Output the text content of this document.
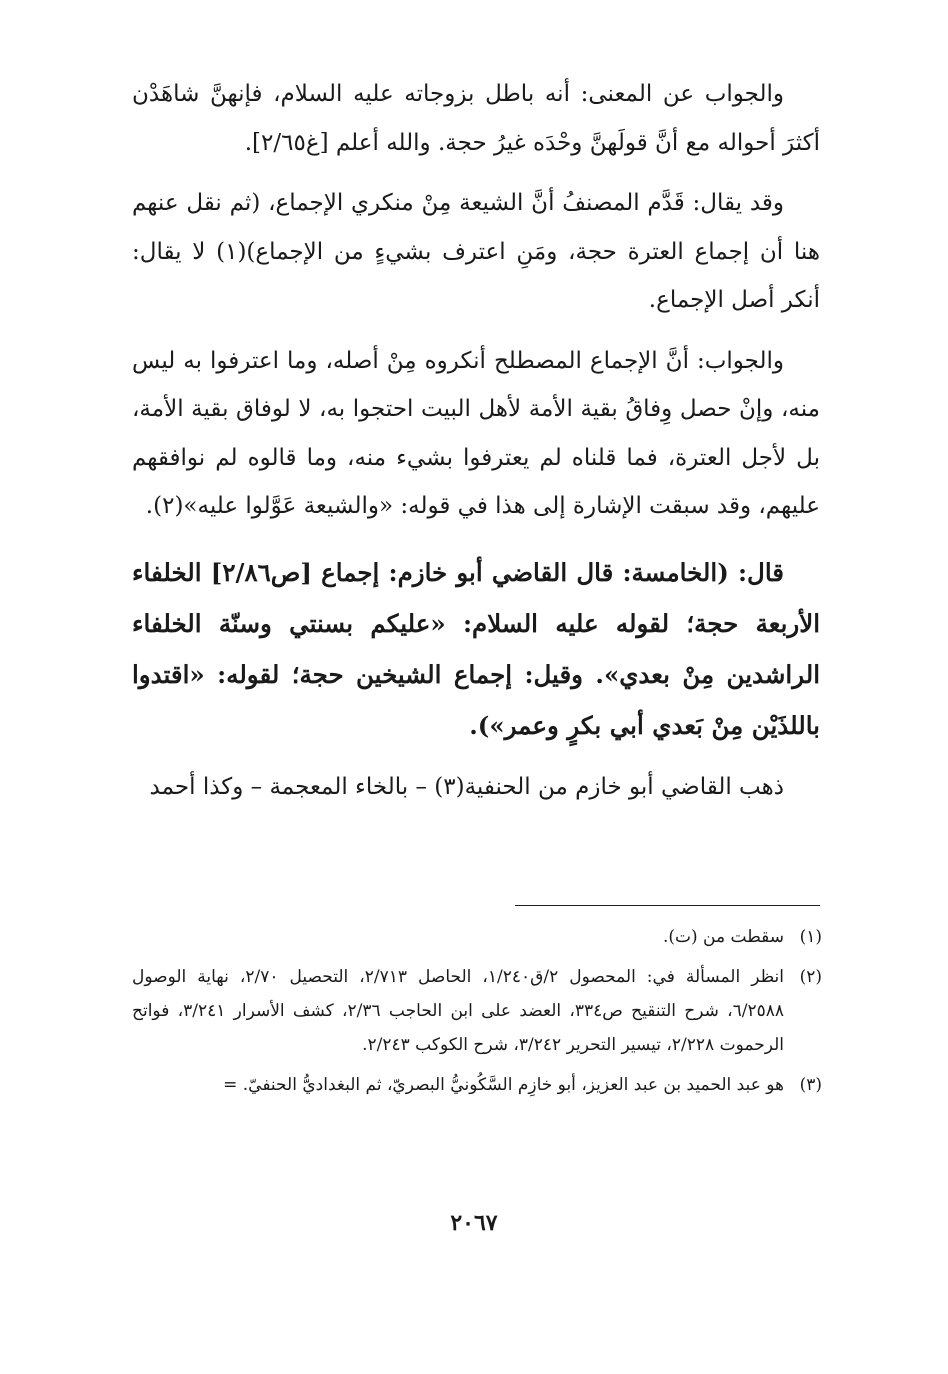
والجواب عن المعنى: أنه باطل بزوجاته عليه السلام، فإنهنَّ شاهَدْن أكثرَ أحواله مع أنَّ قولَهنَّ وحْدَه غيرُ حجة. والله أعلم [غ٢/٦٥].

وقد يقال: قَدَّم المصنفُ أنَّ الشيعة مِنْ منكري الإجماع، (ثم نقل عنهم هنا أن إجماع العترة حجة، ومَنِ اعترف بشيءٍ من الإجماع)(١) لا يقال: أنكر أصل الإجماع.

والجواب: أنَّ الإجماع المصطلح أنكروه مِنْ أصله، وما اعترفوا به ليس منه، وإنْ حصل وِفاقُ بقية الأمة لأهل البيت احتجوا به، لا لوفاق بقية الأمة، بل لأجل العترة، فما قلناه لم يعترفوا بشيء منه، وما قالوه لم نوافقهم عليهم، وقد سبقت الإشارة إلى هذا في قوله: «والشيعة عَوَّلوا عليه»(٢).

قال: (الخامسة: قال القاضي أبو خازم: إجماع [ص٢/٨٦] الخلفاء الأربعة حجة؛ لقوله عليه السلام: «عليكم بسنتي وسنّة الخلفاء الراشدين مِنْ بعدي». وقيل: إجماع الشيخين حجة؛ لقوله: «اقتدوا باللذَيْن مِنْ بَعدي أبي بكرٍ وعمر»).

ذهب القاضي أبو خازم من الحنفية(٣) – بالخاء المعجمة – وكذا أحمد

(١)
سقطت من (ت).
(٢)
انظر المسألة في: المحصول ٢/ق١/٢٤٠، الحاصل ٢/٧١٣، التحصيل ٢/٧٠، نهاية الوصول ٦/٢٥٨٨، شرح التنقيح ص٣٣٤، العضد على ابن الحاجب ٢/٣٦، كشف الأسرار ٣/٢٤١، فواتح الرحموت ٢/٢٢٨، تيسير التحرير ٣/٢٤٢، شرح الكوكب ٢/٢٤٣.
(٣)
هو عبد الحميد بن عبد العزيز، أبو خازِم السَّكُونيُّ البصريّ، ثم البغداديُّ الحنفيّ. =
٢٠٦٧
